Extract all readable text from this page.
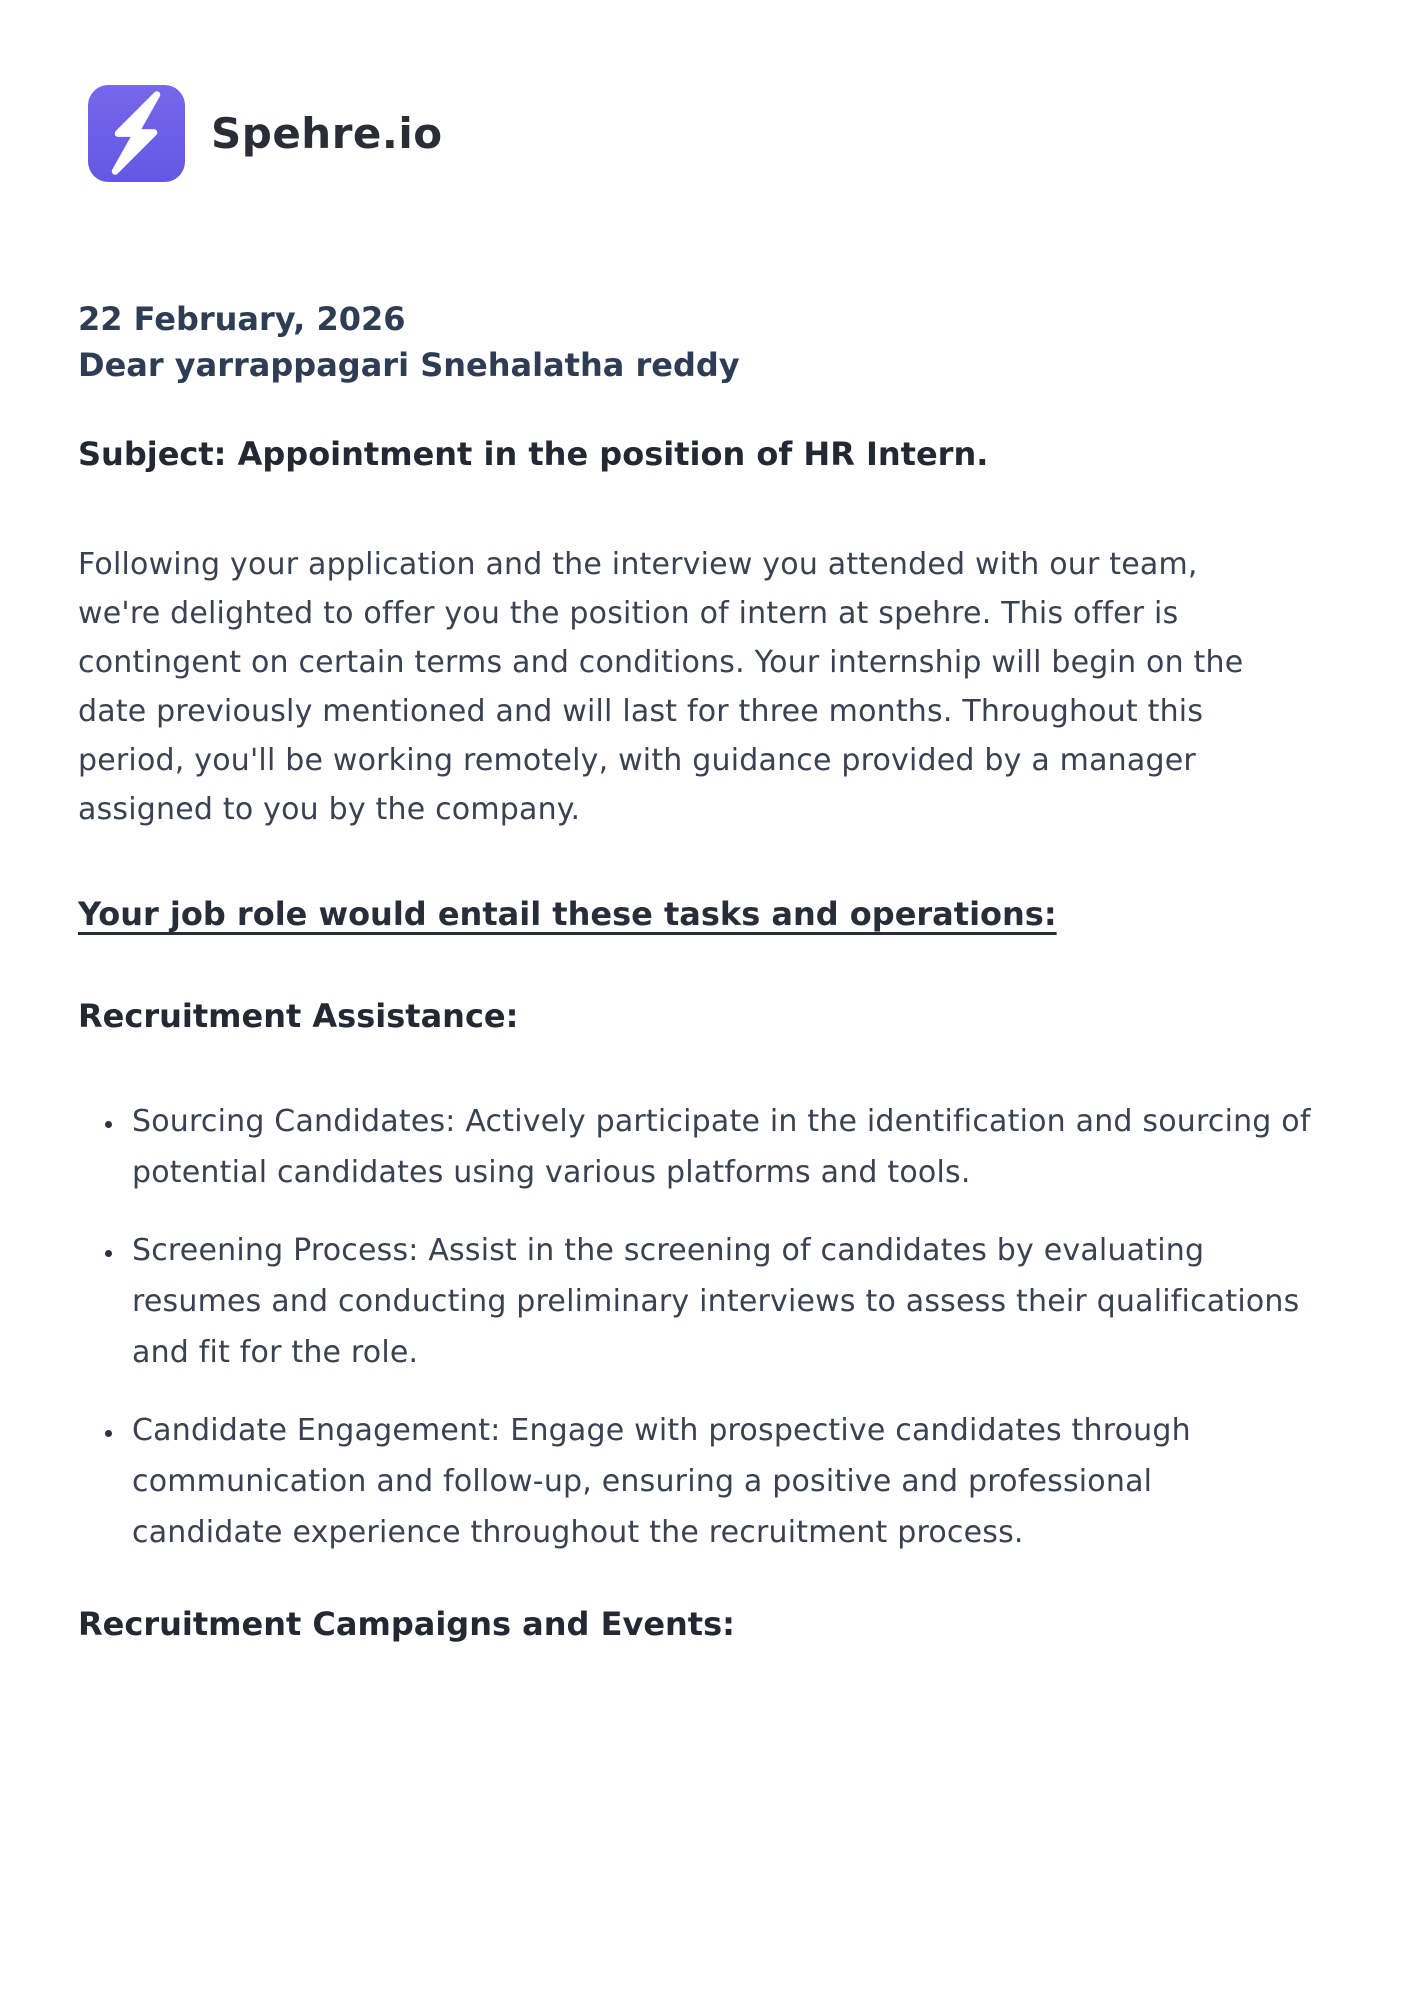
Spehre.io

22 February, 2026

Dear yarrappagari Snehalatha reddy

Subject: Appointment in the position of HR Intern.

Following your application and the interview you attended with our team, we're delighted to offer you the position of intern at spehre. This offer is contingent on certain terms and conditions. Your internship will begin on the date previously mentioned and will last for three months. Throughout this period, you'll be working remotely, with guidance provided by a manager assigned to you by the company.

Your job role would entail these tasks and operations:
Recruitment Assistance:
• Sourcing Candidates: Actively participate in the identification and sourcing of potential candidates using various platforms and tools.
• Screening Process: Assist in the screening of candidates by evaluating resumes and conducting preliminary interviews to assess their qualifications and fit for the role.
• Candidate Engagement: Engage with prospective candidates through communication and follow-up, ensuring a positive and professional candidate experience throughout the recruitment process.
Recruitment Campaigns and Events:
